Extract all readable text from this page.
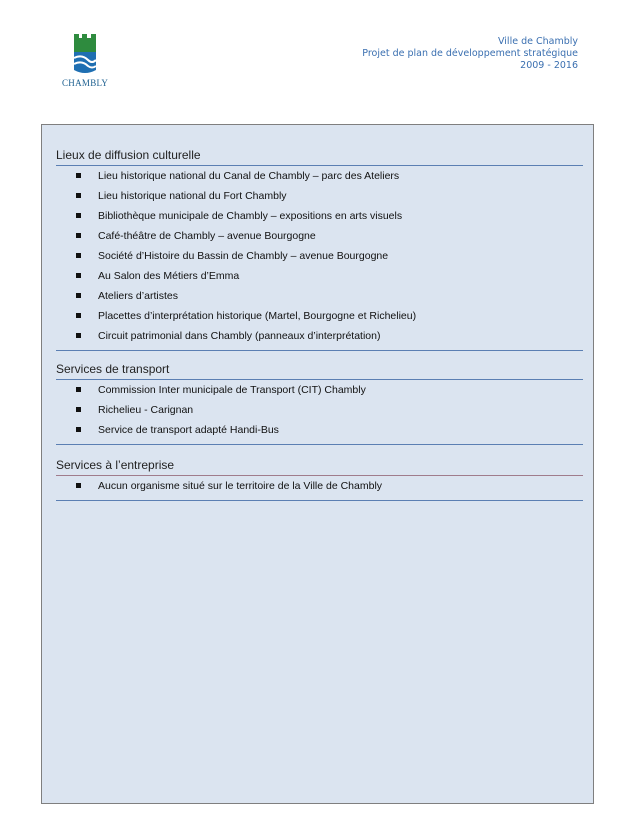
CHAMBLY
Ville de Chambly
Projet de plan de développement stratégique
2009 - 2016
Lieux de diffusion culturelle
Lieu historique national du Canal de Chambly – parc des Ateliers
Lieu historique national du Fort Chambly
Bibliothèque municipale de Chambly – expositions en arts visuels
Café-théâtre de Chambly – avenue Bourgogne
Société d’Histoire du Bassin de Chambly – avenue Bourgogne
Au Salon des Métiers d’Emma
Ateliers d’artistes
Placettes d’interprétation historique (Martel, Bourgogne et Richelieu)
Circuit patrimonial dans Chambly (panneaux d’interprétation)
Services de transport
Commission Inter municipale de Transport (CIT) Chambly
Richelieu - Carignan
Service de transport adapté Handi-Bus
Services à l’entreprise
Aucun organisme situé sur le territoire de la Ville de Chambly
